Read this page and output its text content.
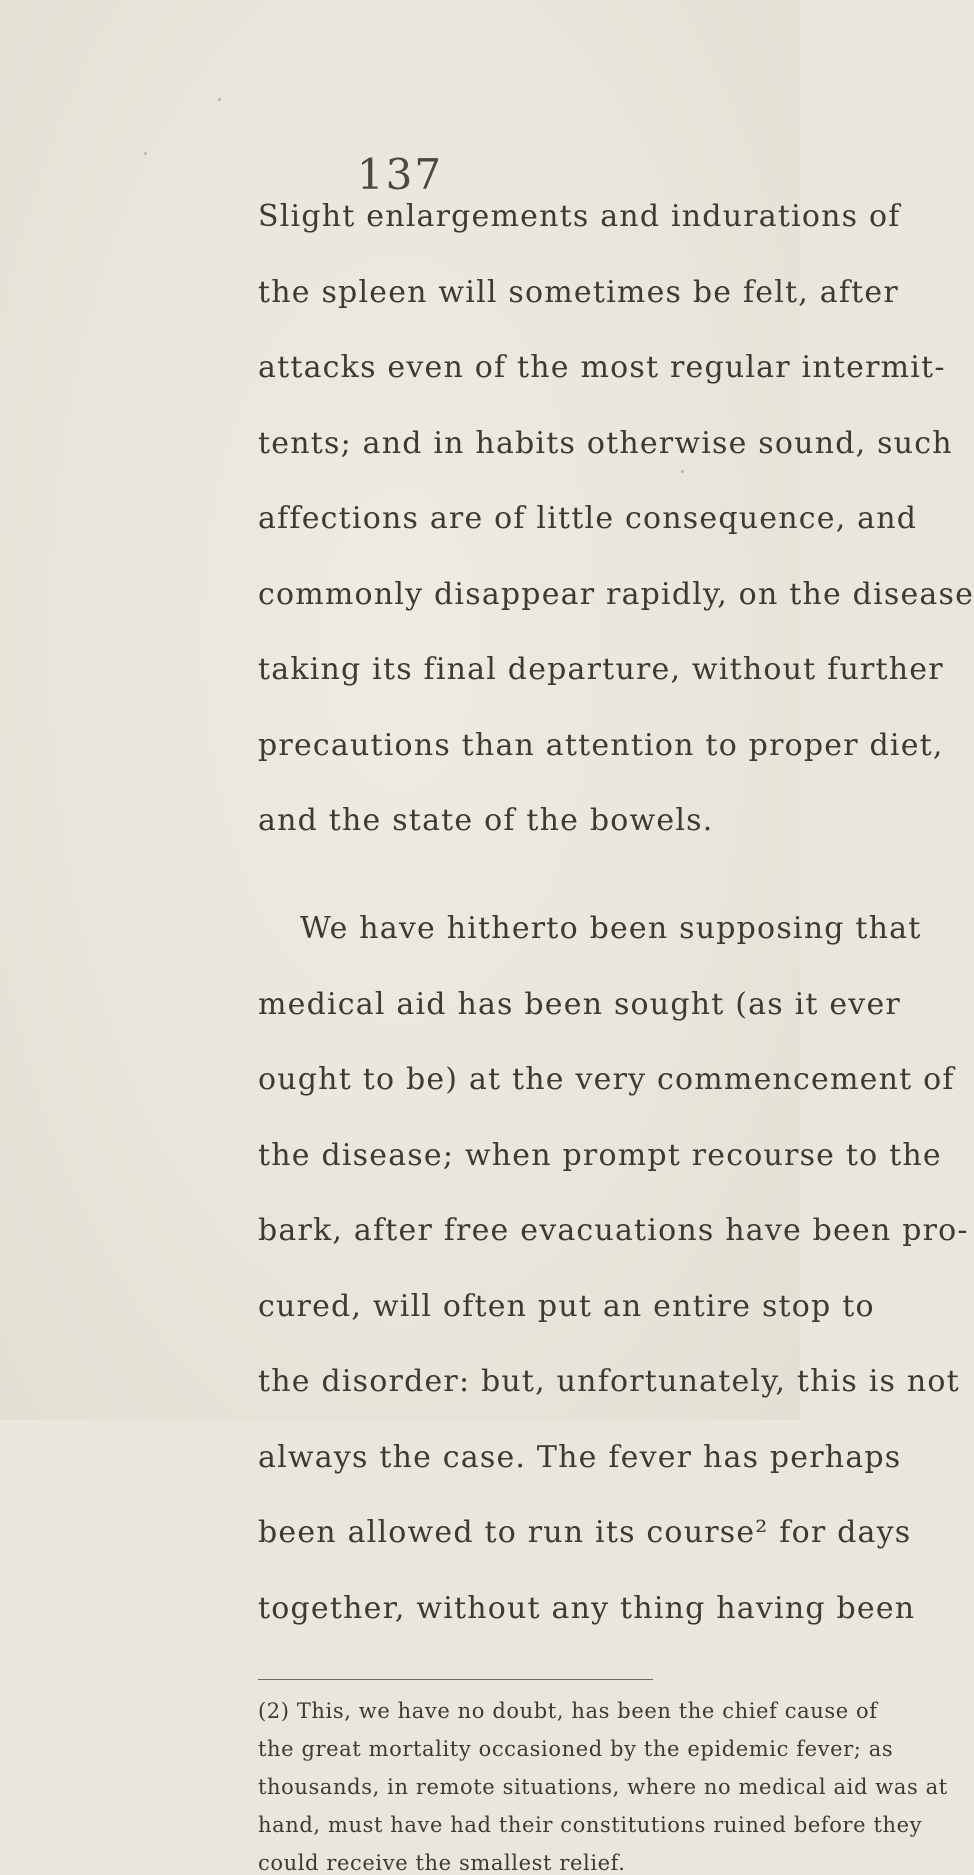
137
Slight enlargements and indurations of
the spleen will sometimes be felt, after
attacks even of the most regular intermit-
tents; and in habits otherwise sound, such
affections are of little consequence, and
commonly disappear rapidly, on the disease
taking its final departure, without further
precautions than attention to proper diet,
and the state of the bowels.
We have hitherto been supposing that
medical aid has been sought (as it ever
ought to be) at the very commencement of
the disease; when prompt recourse to the
bark, after free evacuations have been pro-
cured, will often put an entire stop to
the disorder: but, unfortunately, this is not
always the case. The fever has perhaps
been allowed to run its course² for days
together, without any thing having been
(2) This, we have no doubt, has been the chief cause of
the great mortality occasioned by the epidemic fever; as
thousands, in remote situations, where no medical aid was at
hand, must have had their constitutions ruined before they
could receive the smallest relief.
